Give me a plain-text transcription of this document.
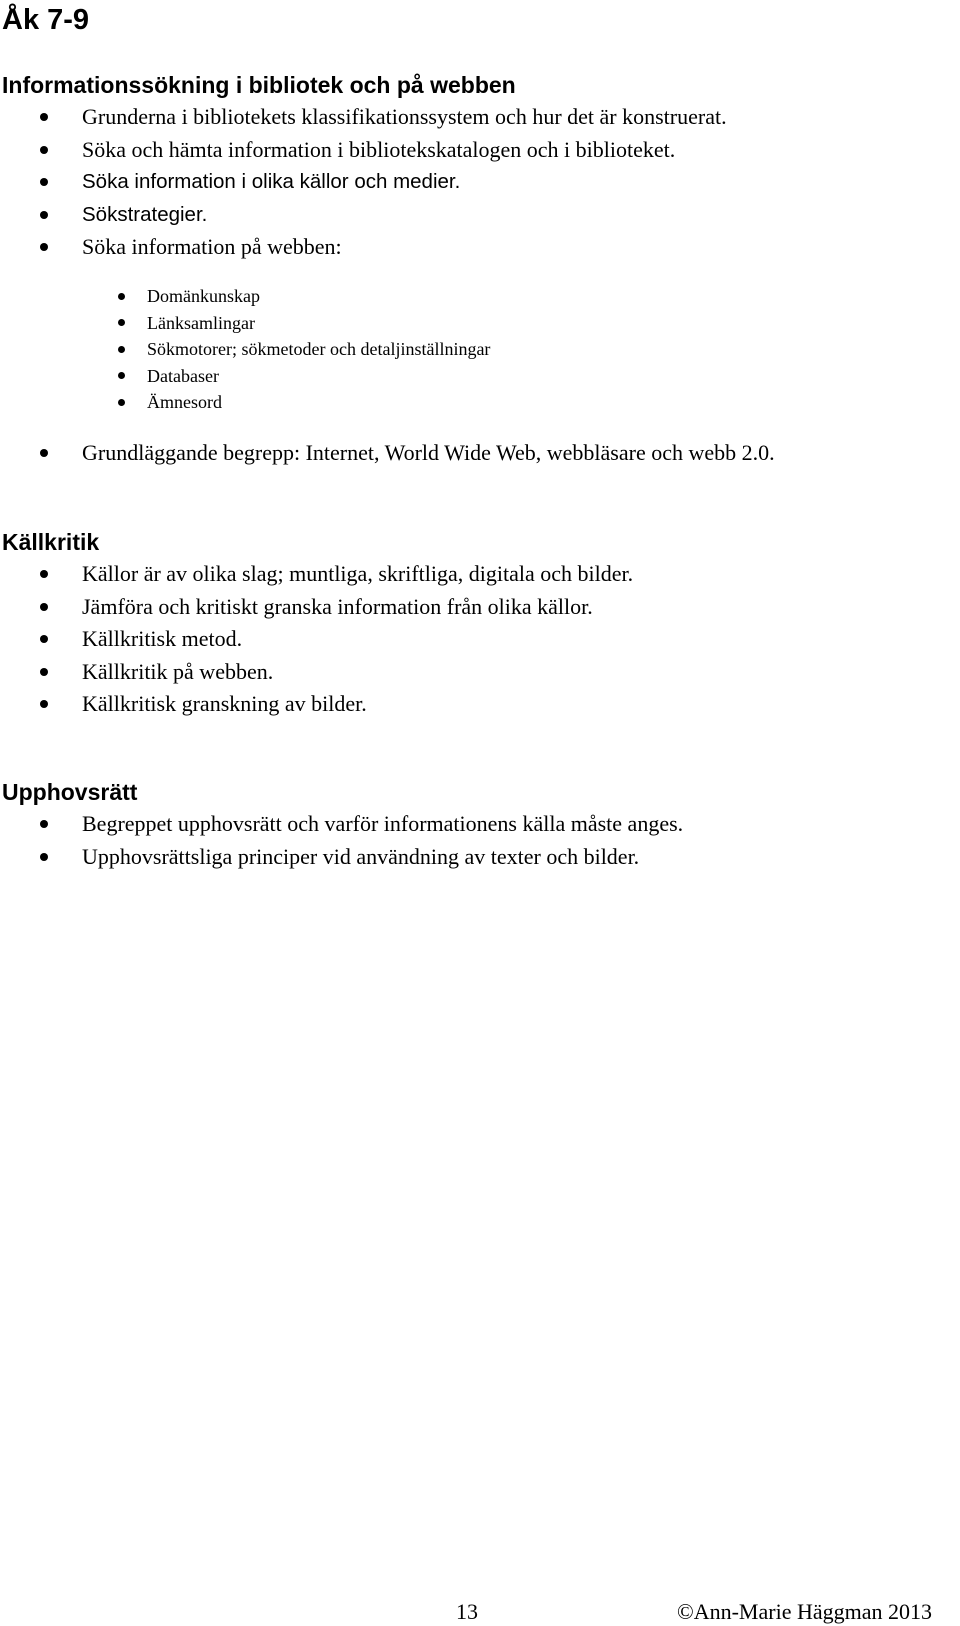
Åk 7-9
Informationssökning i bibliotek och på webben
Grunderna i bibliotekets klassifikationssystem och hur det är konstruerat.
Söka och hämta information i bibliotekskatalogen och i biblioteket.
Söka information i olika källor och medier.
Sökstrategier.
Söka information på webben:
Domänkunskap
Länksamlingar
Sökmotorer; sökmetoder och detaljinställningar
Databaser
Ämnesord
Grundläggande begrepp: Internet, World Wide Web, webbläsare och webb 2.0.
Källkritik
Källor är av olika slag; muntliga, skriftliga, digitala och bilder.
Jämföra och kritiskt granska information från olika källor.
Källkritisk metod.
Källkritik på webben.
Källkritisk granskning av bilder.
Upphovsrätt
Begreppet upphovsrätt och varför informationens källa måste anges.
Upphovsrättsliga principer vid användning av texter och bilder.
13	©Ann-Marie Häggman 2013
